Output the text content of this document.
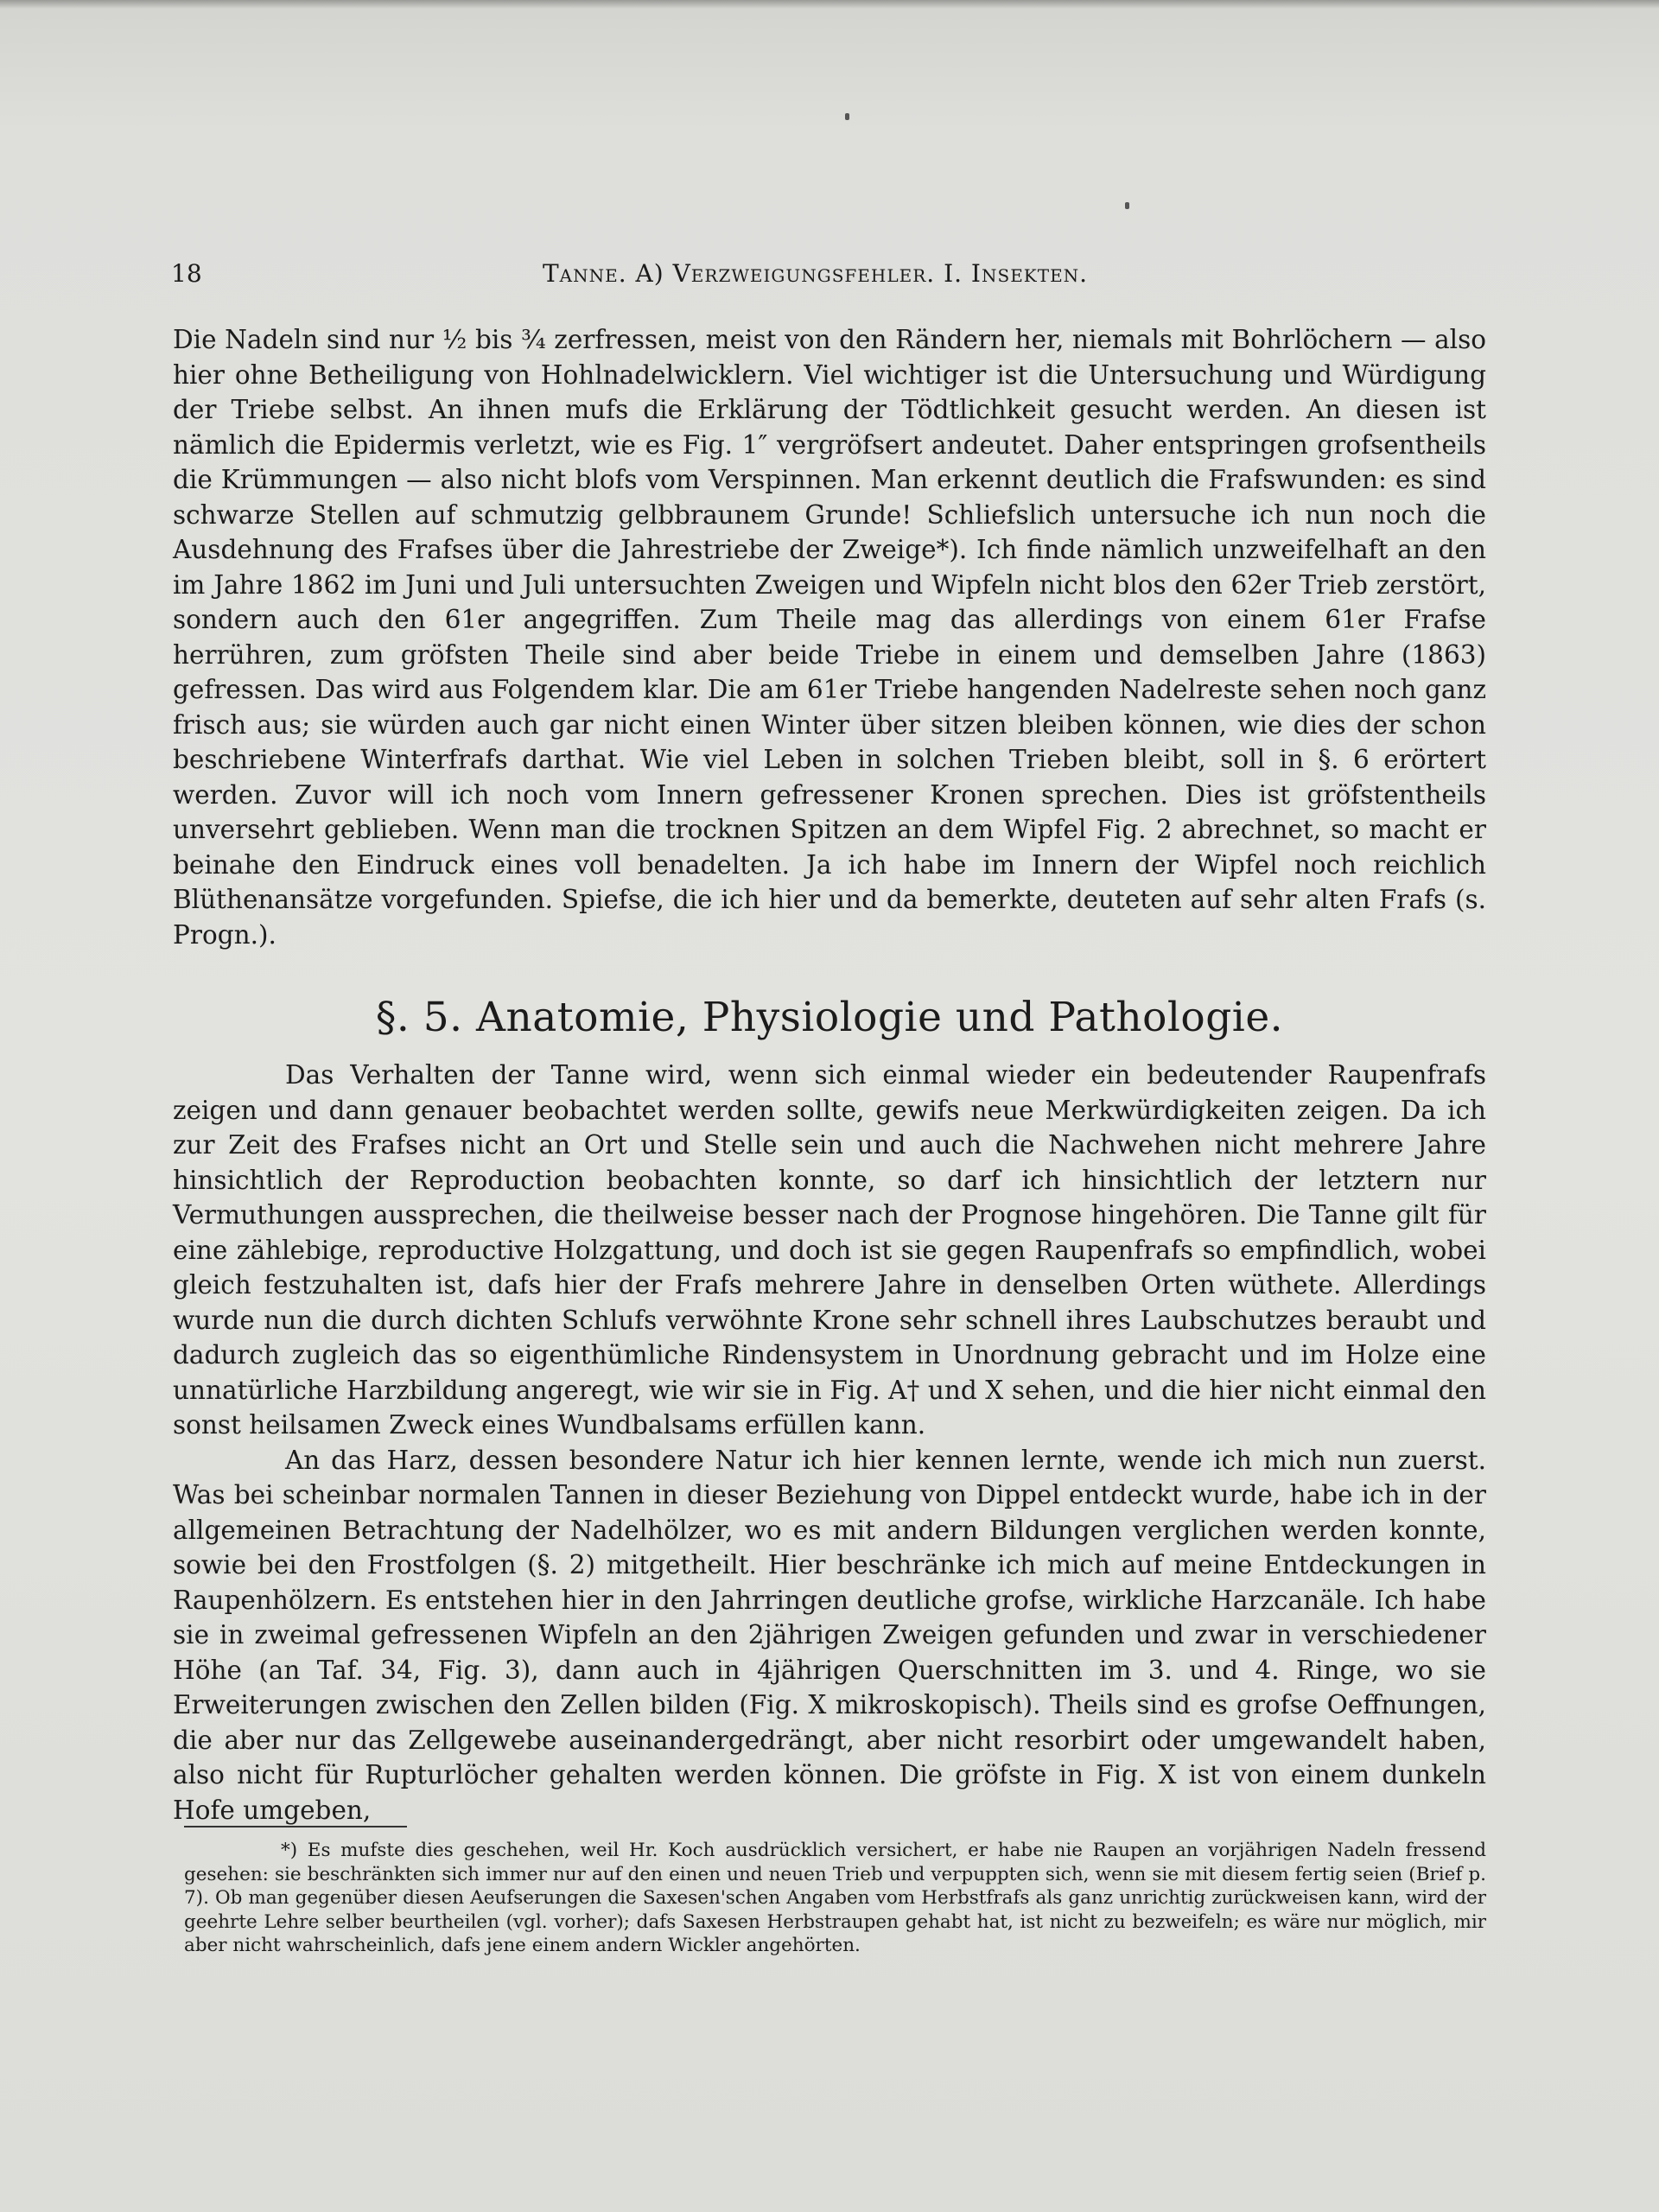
18	Tanne. A) Verzweigungsfehler. I. Insekten.

Die Nadeln sind nur ½ bis ¾ zerfressen, meist von den Rändern her, niemals mit Bohrlöchern — also hier ohne Betheiligung von Hohlnadelwicklern. Viel wichtiger ist die Untersuchung und Würdigung der Triebe selbst. An ihnen mufs die Erklärung der Tödtlichkeit gesucht werden. An diesen ist nämlich die Epidermis verletzt, wie es Fig. 1″ vergröfsert andeutet. Daher entspringen grofsentheils die Krümmungen — also nicht blofs vom Verspinnen. Man erkennt deutlich die Frafswunden: es sind schwarze Stellen auf schmutzig gelbbraunem Grunde! Schliefslich untersuche ich nun noch die Ausdehnung des Frafses über die Jahrestriebe der Zweige*). Ich finde nämlich unzweifelhaft an den im Jahre 1862 im Juni und Juli untersuchten Zweigen und Wipfeln nicht blos den 62er Trieb zerstört, sondern auch den 61er angegriffen. Zum Theile mag das allerdings von einem 61er Frafse herrühren, zum gröfsten Theile sind aber beide Triebe in einem und demselben Jahre (1863) gefressen. Das wird aus Folgendem klar. Die am 61er Triebe hangenden Nadelreste sehen noch ganz frisch aus; sie würden auch gar nicht einen Winter über sitzen bleiben können, wie dies der schon beschriebene Winterfrafs darthat. Wie viel Leben in solchen Trieben bleibt, soll in §. 6 erörtert werden. Zuvor will ich noch vom Innern gefressener Kronen sprechen. Dies ist gröfstentheils unversehrt geblieben. Wenn man die trocknen Spitzen an dem Wipfel Fig. 2 abrechnet, so macht er beinahe den Eindruck eines voll benadelten. Ja ich habe im Innern der Wipfel noch reichlich Blüthenansätze vorgefunden. Spiefse, die ich hier und da bemerkte, deuteten auf sehr alten Frafs (s. Progn.).

§. 5. Anatomie, Physiologie und Pathologie.

Das Verhalten der Tanne wird, wenn sich einmal wieder ein bedeutender Raupenfrafs zeigen und dann genauer beobachtet werden sollte, gewifs neue Merkwürdigkeiten zeigen. Da ich zur Zeit des Frafses nicht an Ort und Stelle sein und auch die Nachwehen nicht mehrere Jahre hinsichtlich der Reproduction beobachten konnte, so darf ich hinsichtlich der letztern nur Vermuthungen aussprechen, die theilweise besser nach der Prognose hingehören. Die Tanne gilt für eine zählebige, reproductive Holzgattung, und doch ist sie gegen Raupenfrafs so empfindlich, wobei gleich festzuhalten ist, dafs hier der Frafs mehrere Jahre in denselben Orten wüthete. Allerdings wurde nun die durch dichten Schlufs verwöhnte Krone sehr schnell ihres Laubschutzes beraubt und dadurch zugleich das so eigenthümliche Rindensystem in Unordnung gebracht und im Holze eine unnatürliche Harzbildung angeregt, wie wir sie in Fig. A† und X sehen, und die hier nicht einmal den sonst heilsamen Zweck eines Wundbalsams erfüllen kann.

An das Harz, dessen besondere Natur ich hier kennen lernte, wende ich mich nun zuerst. Was bei scheinbar normalen Tannen in dieser Beziehung von Dippel entdeckt wurde, habe ich in der allgemeinen Betrachtung der Nadelhölzer, wo es mit andern Bildungen verglichen werden konnte, sowie bei den Frostfolgen (§. 2) mitgetheilt. Hier beschränke ich mich auf meine Entdeckungen in Raupenhölzern. Es entstehen hier in den Jahrringen deutliche grofse, wirkliche Harzcanäle. Ich habe sie in zweimal gefressenen Wipfeln an den 2jährigen Zweigen gefunden und zwar in verschiedener Höhe (an Taf. 34, Fig. 3), dann auch in 4jährigen Querschnitten im 3. und 4. Ringe, wo sie Erweiterungen zwischen den Zellen bilden (Fig. X mikroskopisch). Theils sind es grofse Oeffnungen, die aber nur das Zellgewebe auseinandergedrängt, aber nicht resorbirt oder umgewandelt haben, also nicht für Rupturlöcher gehalten werden können. Die gröfste in Fig. X ist von einem dunkeln Hofe umgeben,

*) Es mufste dies geschehen, weil Hr. Koch ausdrücklich versichert, er habe nie Raupen an vorjährigen Nadeln fressend gesehen: sie beschränkten sich immer nur auf den einen und neuen Trieb und verpuppten sich, wenn sie mit diesem fertig seien (Brief p. 7). Ob man gegenüber diesen Aeufserungen die Saxesen'schen Angaben vom Herbstfrafs als ganz unrichtig zurückweisen kann, wird der geehrte Lehre selber beurtheilen (vgl. vorher); dafs Saxesen Herbstraupen gehabt hat, ist nicht zu bezweifeln; es wäre nur möglich, mir aber nicht wahrscheinlich, dafs jene einem andern Wickler angehörten.
